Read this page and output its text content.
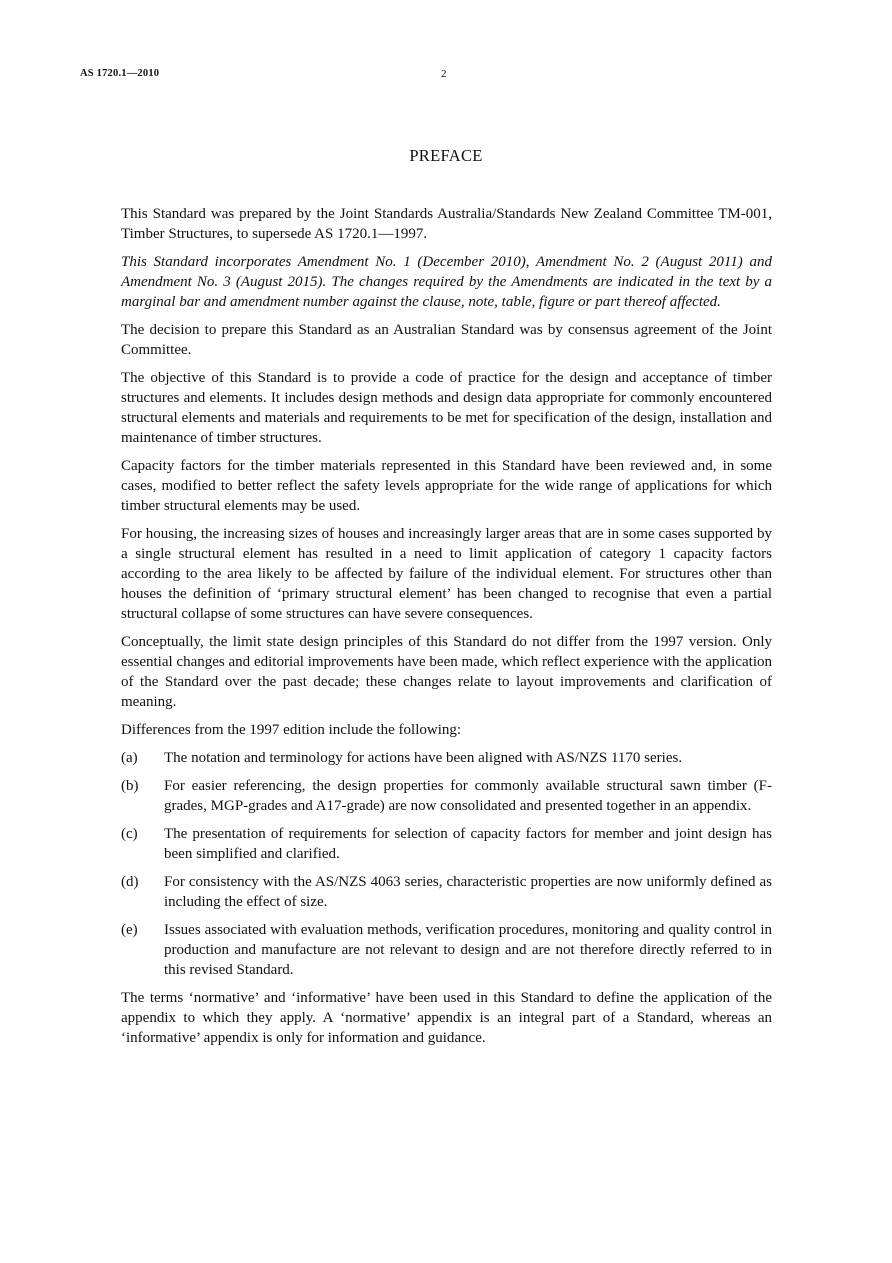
AS 1720.1—2010	2
PREFACE

This Standard was prepared by the Joint Standards Australia/Standards New Zealand Committee TM-001, Timber Structures, to supersede AS 1720.1—1997.

This Standard incorporates Amendment No. 1 (December 2010), Amendment No. 2 (August 2011) and Amendment No. 3 (August 2015). The changes required by the Amendments are indicated in the text by a marginal bar and amendment number against the clause, note, table, figure or part thereof affected.

The decision to prepare this Standard as an Australian Standard was by consensus agreement of the Joint Committee.

The objective of this Standard is to provide a code of practice for the design and acceptance of timber structures and elements. It includes design methods and design data appropriate for commonly encountered structural elements and materials and requirements to be met for specification of the design, installation and maintenance of timber structures.

Capacity factors for the timber materials represented in this Standard have been reviewed and, in some cases, modified to better reflect the safety levels appropriate for the wide range of applications for which timber structural elements may be used.

For housing, the increasing sizes of houses and increasingly larger areas that are in some cases supported by a single structural element has resulted in a need to limit application of category 1 capacity factors according to the area likely to be affected by failure of the individual element. For structures other than houses the definition of ‘primary structural element’ has been changed to recognise that even a partial structural collapse of some structures can have severe consequences.

Conceptually, the limit state design principles of this Standard do not differ from the 1997 version. Only essential changes and editorial improvements have been made, which reflect experience with the application of the Standard over the past decade; these changes relate to layout improvements and clarification of meaning.

Differences from the 1997 edition include the following:

(a)	The notation and terminology for actions have been aligned with AS/NZS 1170 series.
(b)	For easier referencing, the design properties for commonly available structural sawn timber (F-grades, MGP-grades and A17-grade) are now consolidated and presented together in an appendix.
(c)	The presentation of requirements for selection of capacity factors for member and joint design has been simplified and clarified.
(d)	For consistency with the AS/NZS 4063 series, characteristic properties are now uniformly defined as including the effect of size.
(e)	Issues associated with evaluation methods, verification procedures, monitoring and quality control in production and manufacture are not relevant to design and are not therefore directly referred to in this revised Standard.

The terms ‘normative’ and ‘informative’ have been used in this Standard to define the application of the appendix to which they apply. A ‘normative’ appendix is an integral part of a Standard, whereas an ‘informative’ appendix is only for information and guidance.
